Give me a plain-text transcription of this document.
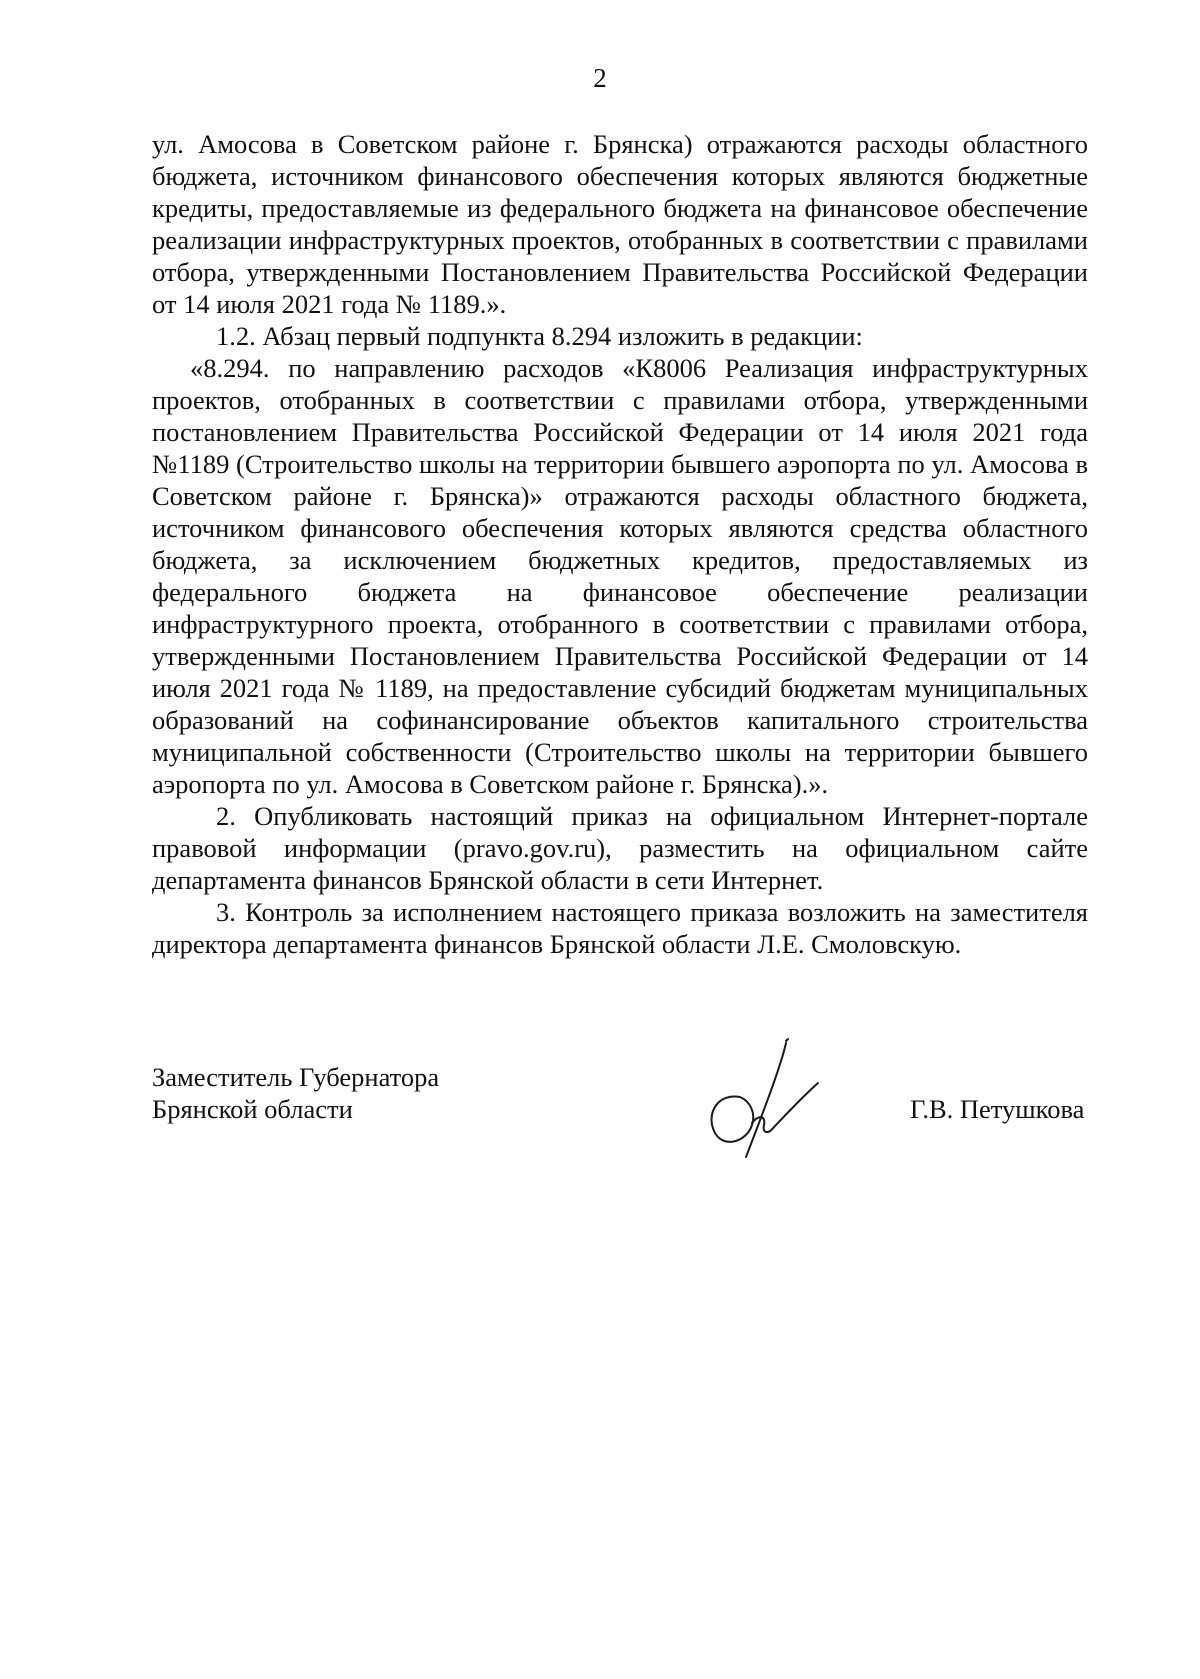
2

ул. Амосова в Советском районе г. Брянска) отражаются расходы областного бюджета, источником финансового обеспечения которых являются бюджетные кредиты, предоставляемые из федерального бюджета на финансовое обеспечение реализации инфраструктурных проектов, отобранных в соответствии с правилами отбора, утвержденными Постановлением Правительства Российской Федерации от 14 июля 2021 года № 1189.».

1.2. Абзац первый подпункта 8.294 изложить в редакции:

«8.294. по направлению расходов «К8006 Реализация инфраструктурных проектов, отобранных в соответствии с правилами отбора, утвержденными постановлением Правительства Российской Федерации от 14 июля 2021 года №1189 (Строительство школы на территории бывшего аэропорта по ул. Амосова в Советском районе г. Брянска)» отражаются расходы областного бюджета, источником финансового обеспечения которых являются средства областного бюджета, за исключением бюджетных кредитов, предоставляемых из федерального бюджета на финансовое обеспечение реализации инфраструктурного проекта, отобранного в соответствии с правилами отбора, утвержденными Постановлением Правительства Российской Федерации от 14 июля 2021 года № 1189, на предоставление субсидий бюджетам муниципальных образований на софинансирование объектов капитального строительства муниципальной собственности (Строительство школы на территории бывшего аэропорта по ул. Амосова в Советском районе г. Брянска).».

2. Опубликовать настоящий приказ на официальном Интернет-портале правовой информации (pravo.gov.ru), разместить на официальном сайте департамента финансов Брянской области в сети Интернет.

3. Контроль за исполнением настоящего приказа возложить на заместителя директора департамента финансов Брянской области Л.Е. Смоловскую.

Заместитель Губернатора
Брянской области	Г.В. Петушкова
